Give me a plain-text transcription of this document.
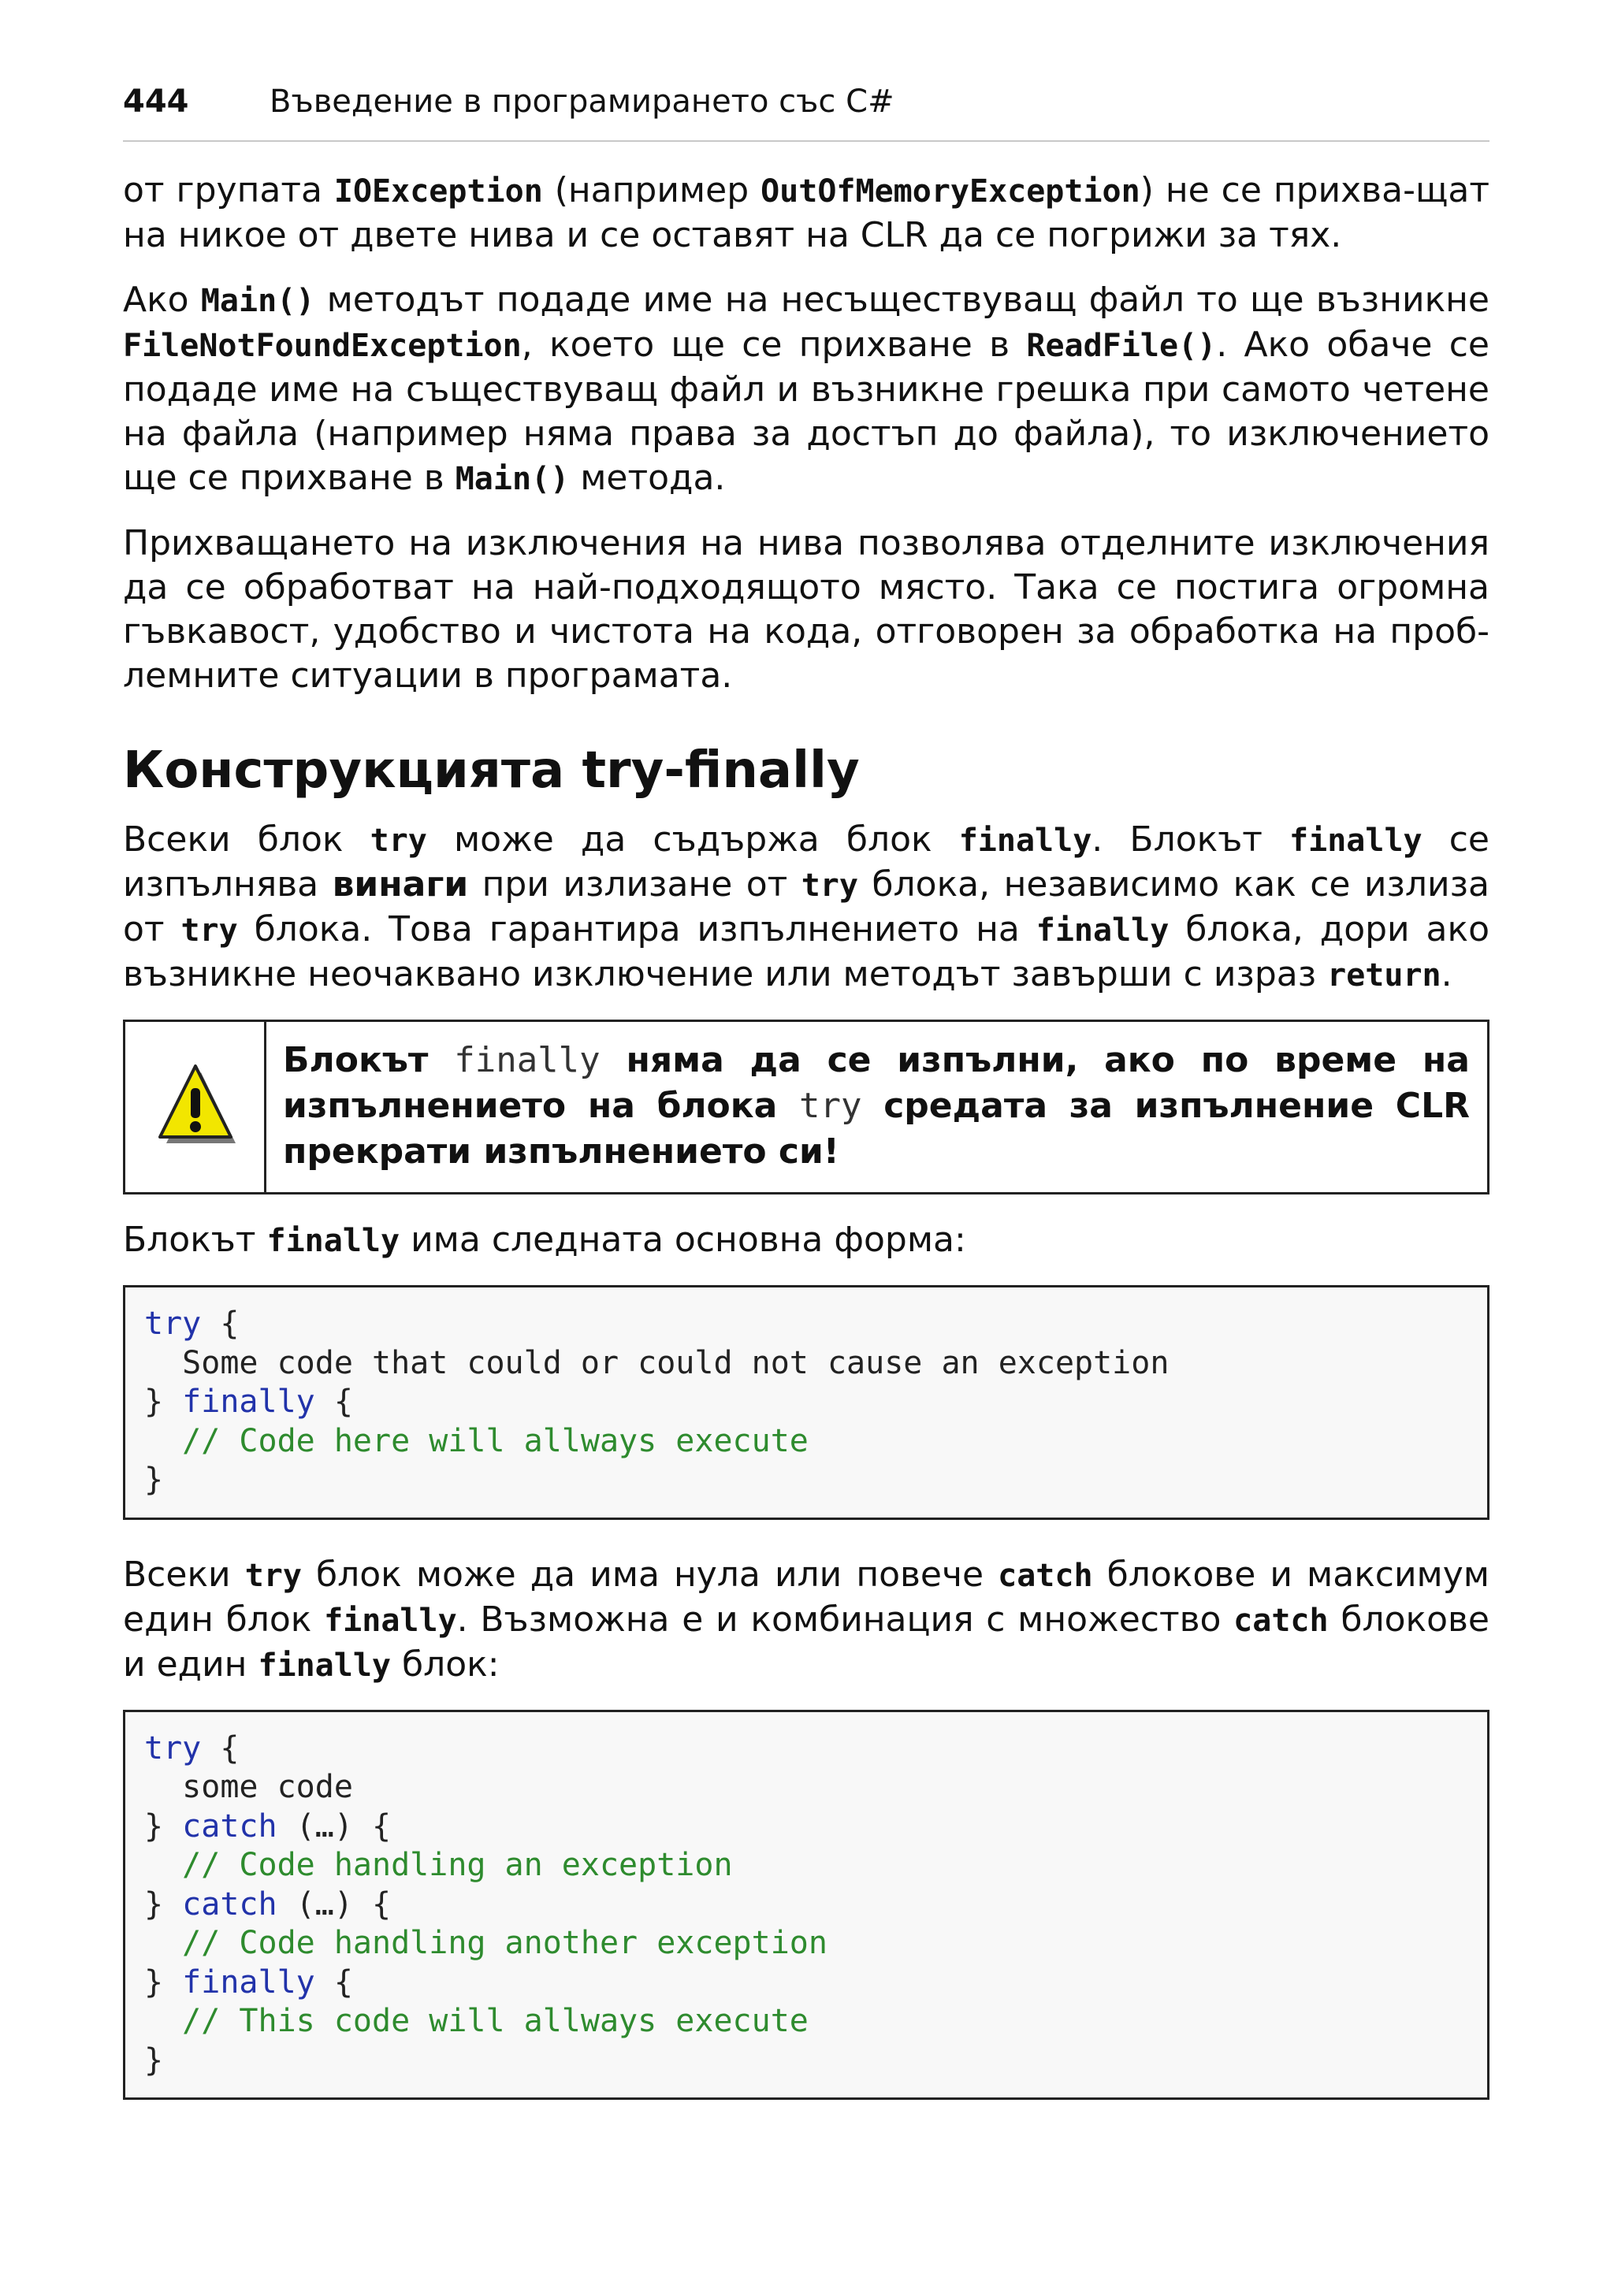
444	Въведение в програмирането със C#

от групата IOException (например OutOfMemoryException) не се прихва-щат на никое от двете нива и се оставят на CLR да се погрижи за тях.

Ако Main() методът подаде име на несъществуващ файл то ще възникне FileNotFoundException, което ще се прихване в ReadFile(). Ако обаче се подаде име на съществуващ файл и възникне грешка при самото четене на файла (например няма права за достъп до файла), то изключението ще се прихване в Main() метода.

Прихващането на изключения на нива позволява отделните изключения да се обработват на най-подходящото място. Така се постига огромна гъвкавост, удобство и чистота на кода, отговорен за обработка на проб-лемните ситуации в програмата.

Конструкцията try-finally

Всеки блок try може да съдържа блок finally. Блокът finally се изпълнява винаги при излизане от try блока, независимо как се излиза от try блока. Това гарантира изпълнението на finally блока, дори ако възникне неочаквано изключение или методът завърши с израз return.

Блокът finally няма да се изпълни, ако по време на изпълнението на блока try средата за изпълнение CLR прекрати изпълнението си!

Блокът finally има следната основна форма:

try {
Some code that could or could not cause an exception
} finally {
// Code here will allways execute
}

Всеки try блок може да има нула или повече catch блокове и максимум един блок finally. Възможна е и комбинация с множество catch блокове и един finally блок:

try {
some code
} catch (…) {
// Code handling an exception
} catch (…) {
// Code handling another exception
} finally {
// This code will allways execute
}
